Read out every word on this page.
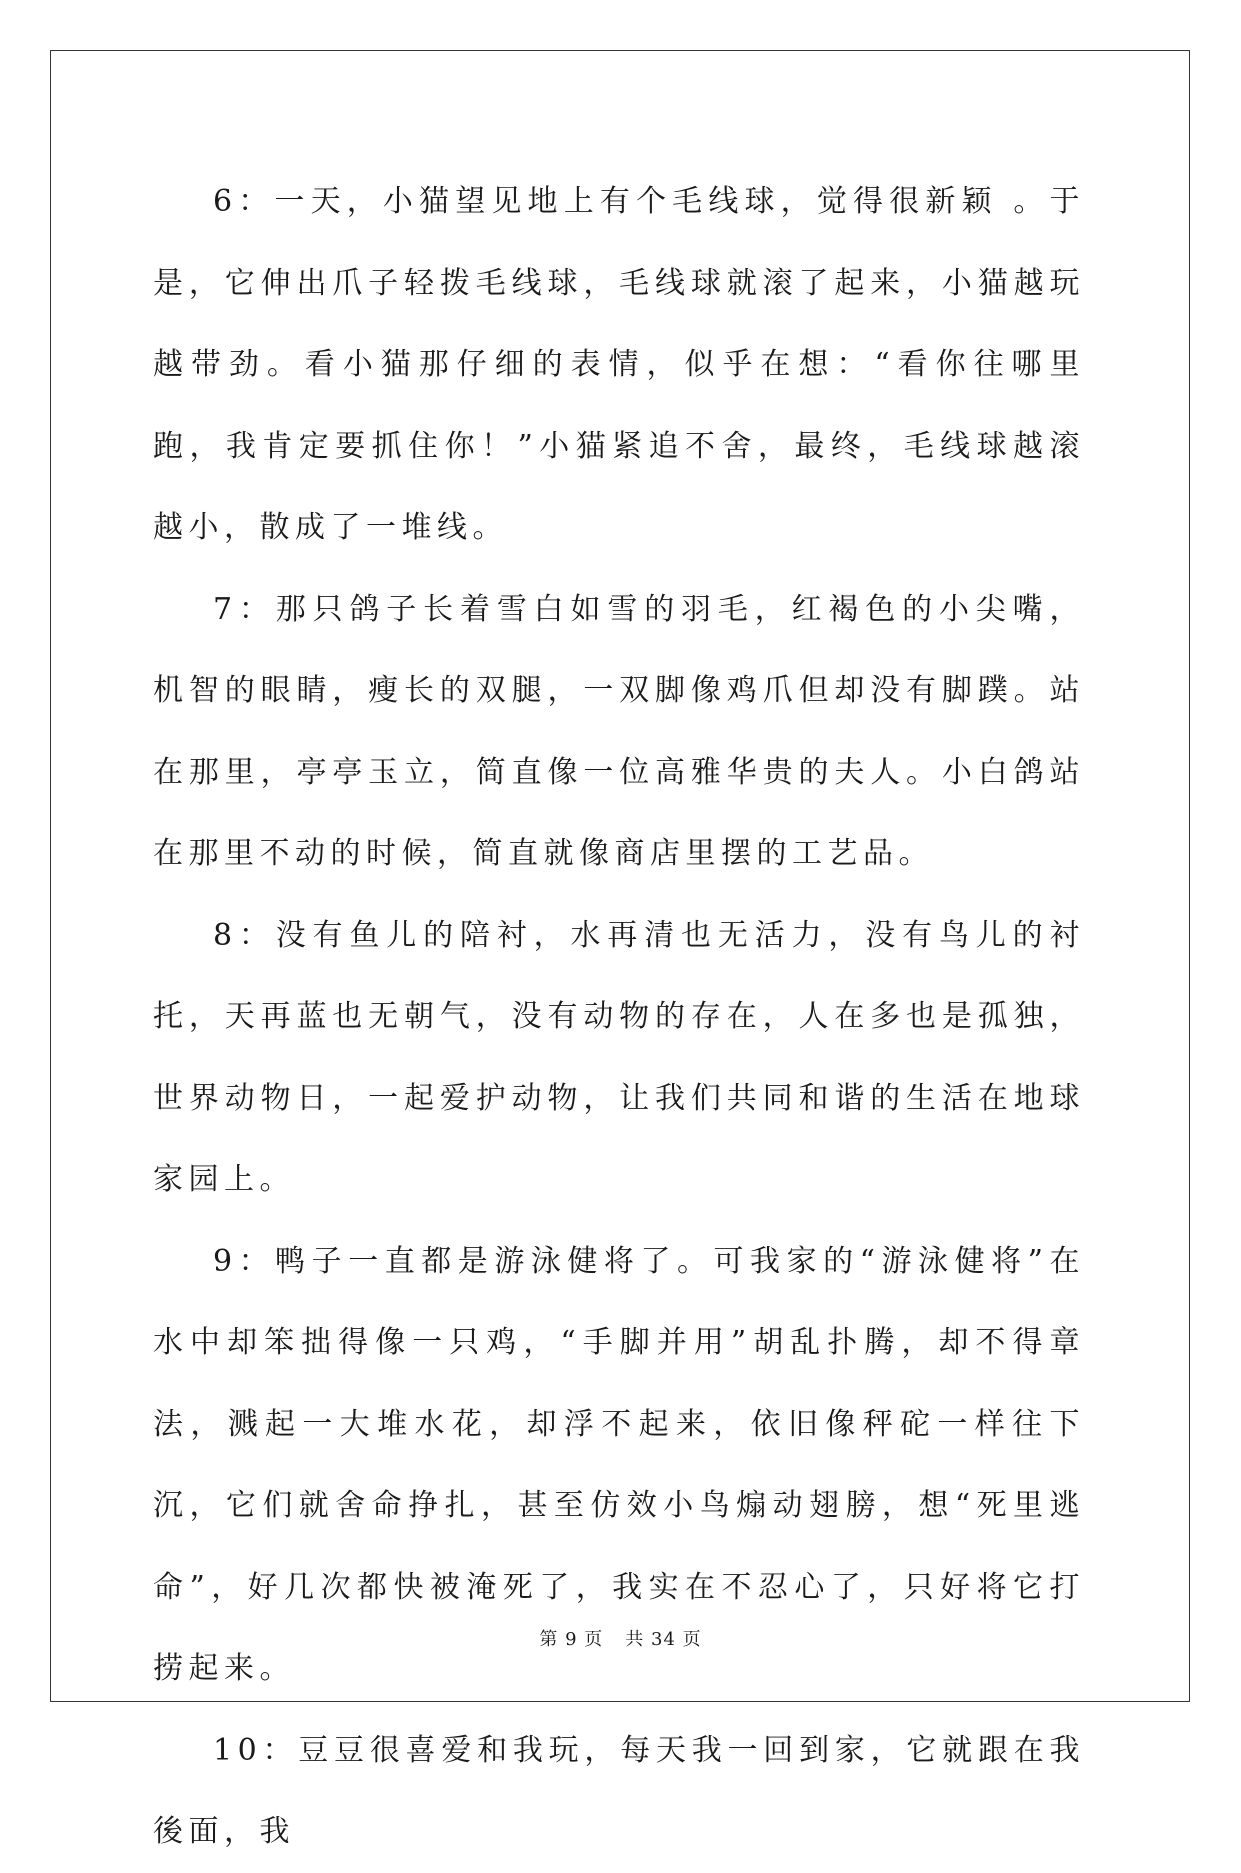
6：一天，小猫望见地上有个毛线球，觉得很新颖 。于是，它伸出爪子轻拨毛线球，毛线球就滚了起来，小猫越玩越带劲。看小猫那仔细的表情，似乎在想：“看你往哪里跑，我肯定要抓住你！”小猫紧追不舍，最终，毛线球越滚越小，散成了一堆线。

7：那只鸽子长着雪白如雪的羽毛，红褐色的小尖嘴，机智的眼睛，瘦长的双腿，一双脚像鸡爪但却没有脚蹼。站在那里，亭亭玉立，简直像一位高雅华贵的夫人。小白鸽站在那里不动的时候，简直就像商店里摆的工艺品。

8：没有鱼儿的陪衬，水再清也无活力，没有鸟儿的衬托，天再蓝也无朝气，没有动物的存在，人在多也是孤独，世界动物日，一起爱护动物，让我们共同和谐的生活在地球家园上。

9：鸭子一直都是游泳健将了。可我家的“游泳健将”在水中却笨拙得像一只鸡，“手脚并用”胡乱扑腾，却不得章法，溅起一大堆水花，却浮不起来，依旧像秤砣一样往下沉，它们就舍命挣扎，甚至仿效小鸟煽动翅膀，想“死里逃命”，好几次都快被淹死了，我实在不忍心了，只好将它打捞起来。

10：豆豆很喜爱和我玩，每天我一回到家，它就跟在我後面，我

第 9 页 共 34 页
